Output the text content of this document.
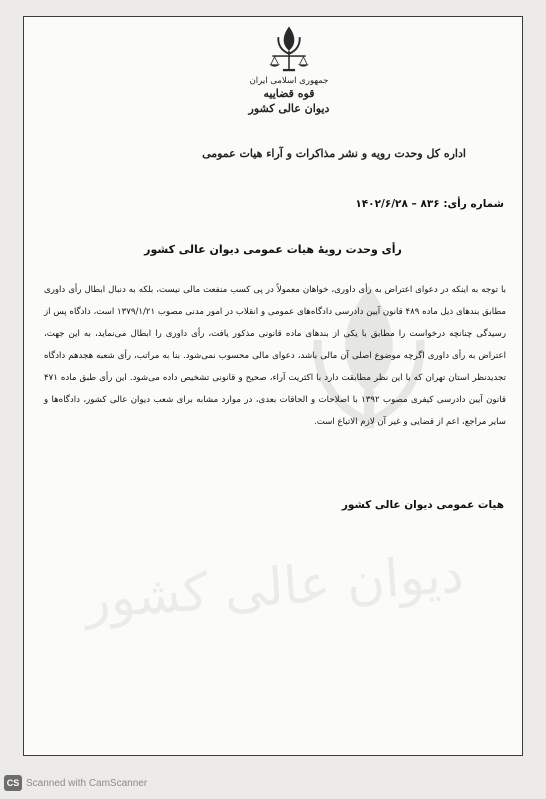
دیوان عالی کشور
جمهوری اسلامی ایران
قوه قضاییه
دیوان عالی کشور
اداره کل وحدت رویه و نشر مذاکرات و آراء هیات عمومی
شماره رأی: ۸۳۶ – ۱۴۰۲/۶/۲۸
رأی وحدت رویهٔ هیات عمومی دیوان عالی کشور
با توجه به اینکه در دعوای اعتراض به رأی داوری، خواهان معمولاً در پی کسب منفعت مالی نیست، بلکه به دنبال ابطال رأی داوری مطابق بندهای ذیل ماده ۴۸۹ قانون آیین دادرسی دادگاه‌های عمومی و انقلاب در امور مدنی مصوب ۱۳۷۹/۱/۲۱ است، دادگاه پس از رسیدگی چنانچه درخواست را مطابق با یکی از بندهای ماده قانونی مذکور یافت، رأی داوری را ابطال می‌نماید، به این جهت، اعتراض به رأی داوری اگرچه موضوع اصلی آن مالی باشد، دعوای مالی محسوب نمی‌شود. بنا به مراتب، رأی شعبه هجدهم دادگاه تجدیدنظر استان تهران که با این نظر مطابقت دارد با اکثریت آراء، صحیح و قانونی تشخیص داده می‌شود. این رأی طبق ماده ۴۷۱ قانون آیین دادرسی کیفری مصوب ۱۳۹۲ با اصلاحات و الحاقات بعدی، در موارد مشابه برای شعب دیوان عالی کشور، دادگاه‌ها و سایر مراجع، اعم از قضایی و غیر آن لازم الاتباع است.
هیات عمومی دیوان عالی کشور
CS Scanned with CamScanner
